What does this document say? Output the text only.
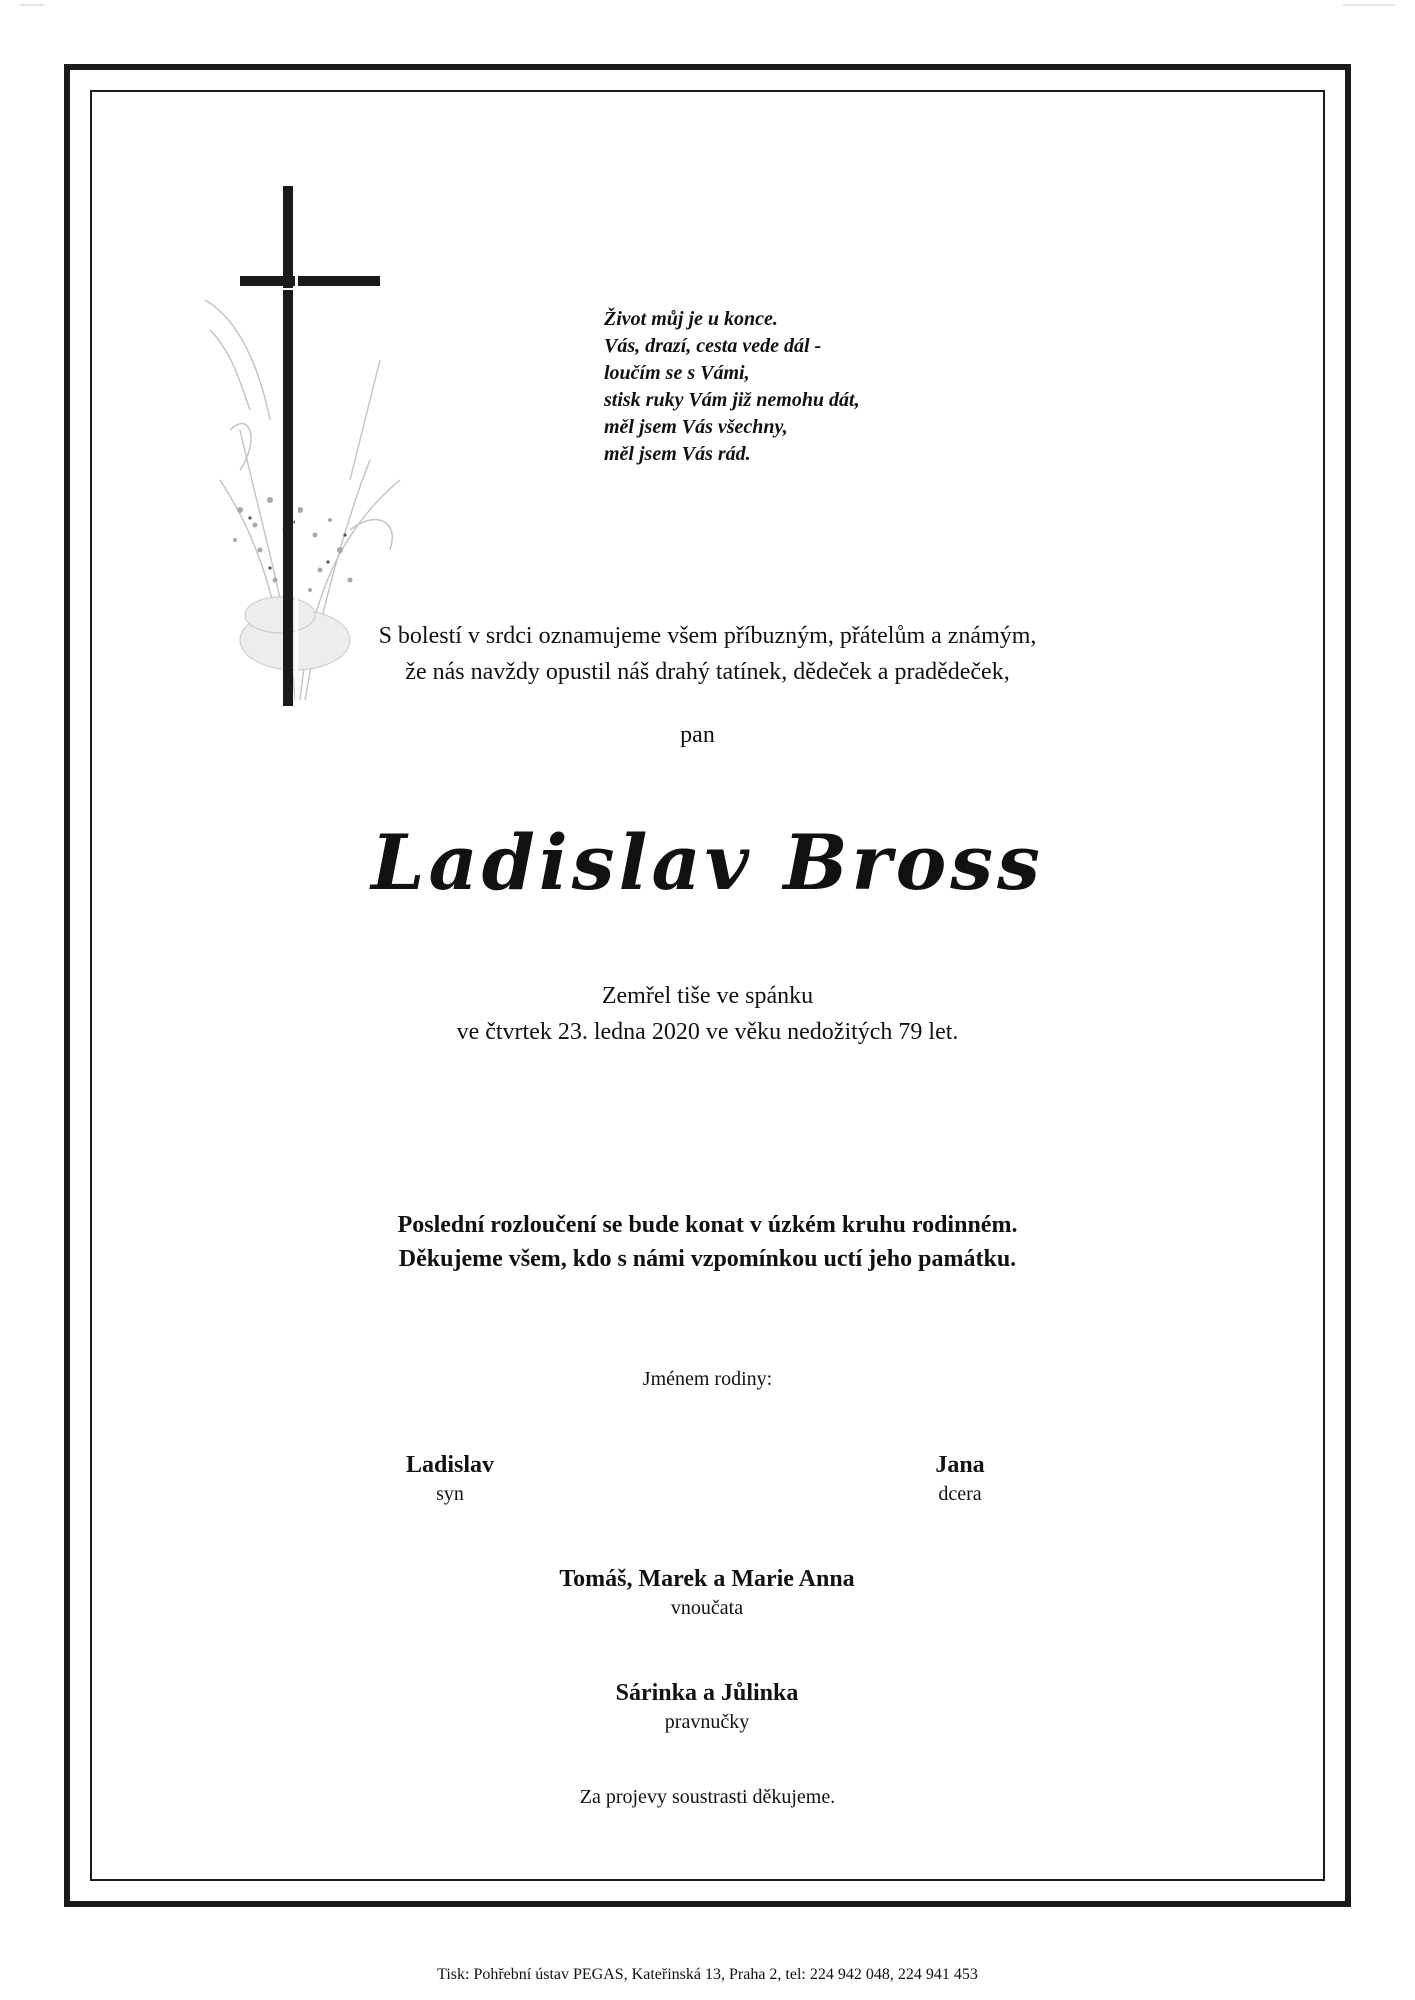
Život můj je u konce.
Vás, drazí, cesta vede dál -
loučím se s Vámi,
stisk ruky Vám již nemohu dát,
měl jsem Vás všechny,
měl jsem Vás rád.
S bolestí v srdci oznamujeme všem příbuzným, přátelům a známým,
že nás navždy opustil náš drahý tatínek, dědeček a pradědeček,
pan
Ladislav Bross
Zemřel tiše ve spánku
ve čtvrtek 23. ledna 2020 ve věku nedožitých 79 let.
Poslední rozloučení se bude konat v úzkém kruhu rodinném.
Děkujeme všem, kdo s námi vzpomínkou uctí jeho památku.
Jménem rodiny:
Ladislav
syn
Jana
dcera
Tomáš, Marek a Marie Anna
vnoučata
Sárinka a Jůlinka
pravnučky
Za projevy soustrasti děkujeme.
Tisk: Pohřební ústav PEGAS, Kateřinská 13, Praha 2, tel: 224 942 048, 224 941 453
